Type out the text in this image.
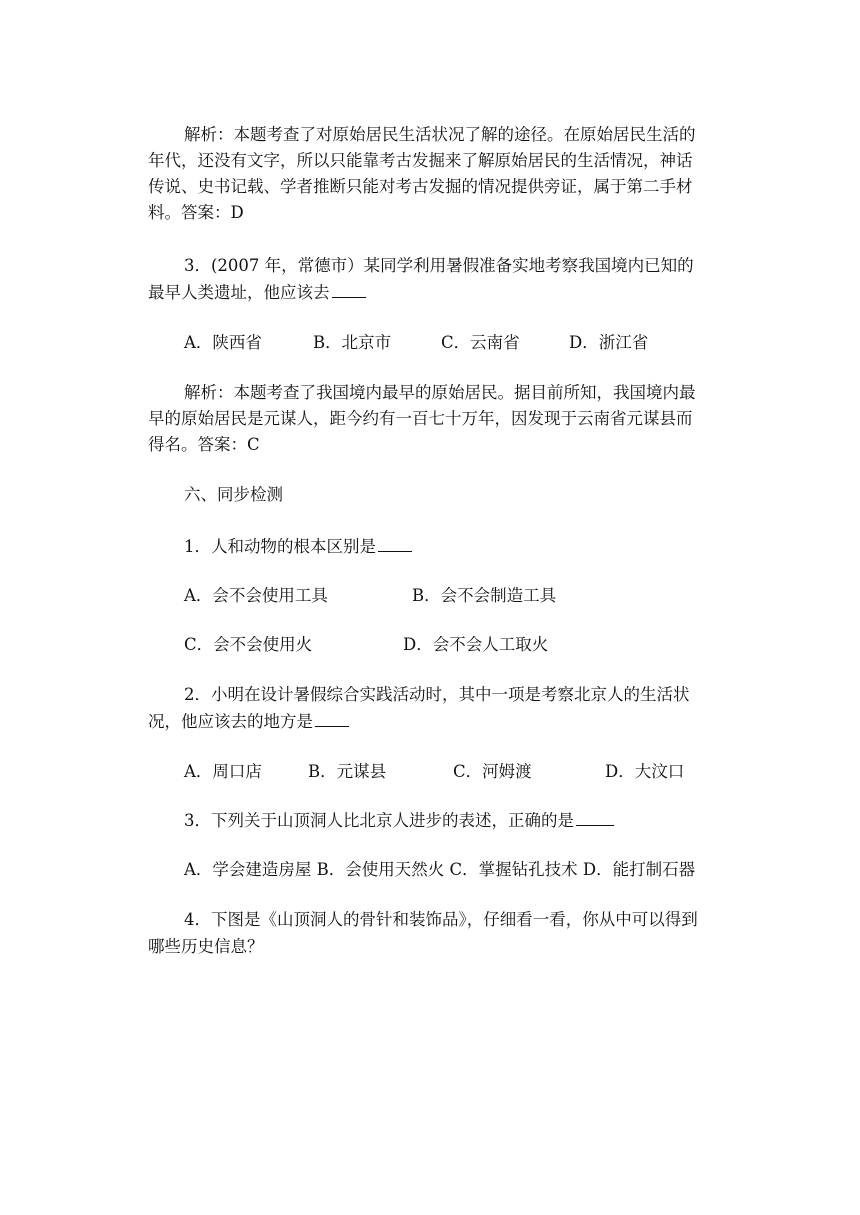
解析：本题考查了对原始居民生活状况了解的途径。在原始居民生活的
年代，还没有文字，所以只能靠考古发掘来了解原始居民的生活情况，神话
传说、史书记载、学者推断只能对考古发掘的情况提供旁证，属于第二手材
料。答案：D
3．(2007 年，常德市）某同学利用暑假准备实地考察我国境内已知的
最早人类遗址，他应该去
A．陕西省	B．北京市	C．云南省	D．浙江省
解析：本题考查了我国境内最早的原始居民。据目前所知，我国境内最
早的原始居民是元谋人，距今约有一百七十万年，因发现于云南省元谋县而
得名。答案：C
六、同步检测
1．人和动物的根本区别是
A．会不会使用工具	B．会不会制造工具
C．会不会使用火	D．会不会人工取火
2．小明在设计暑假综合实践活动时，其中一项是考察北京人的生活状
况，他应该去的地方是
A．周口店	B．元谋县	C．河姆渡	D．大汶口
3．下列关于山顶洞人比北京人进步的表述，正确的是
A．学会建造房屋 B．会使用天然火 C．掌握钻孔技术 D．能打制石器
4．下图是《山顶洞人的骨针和装饰品》，仔细看一看，你从中可以得到
哪些历史信息？
